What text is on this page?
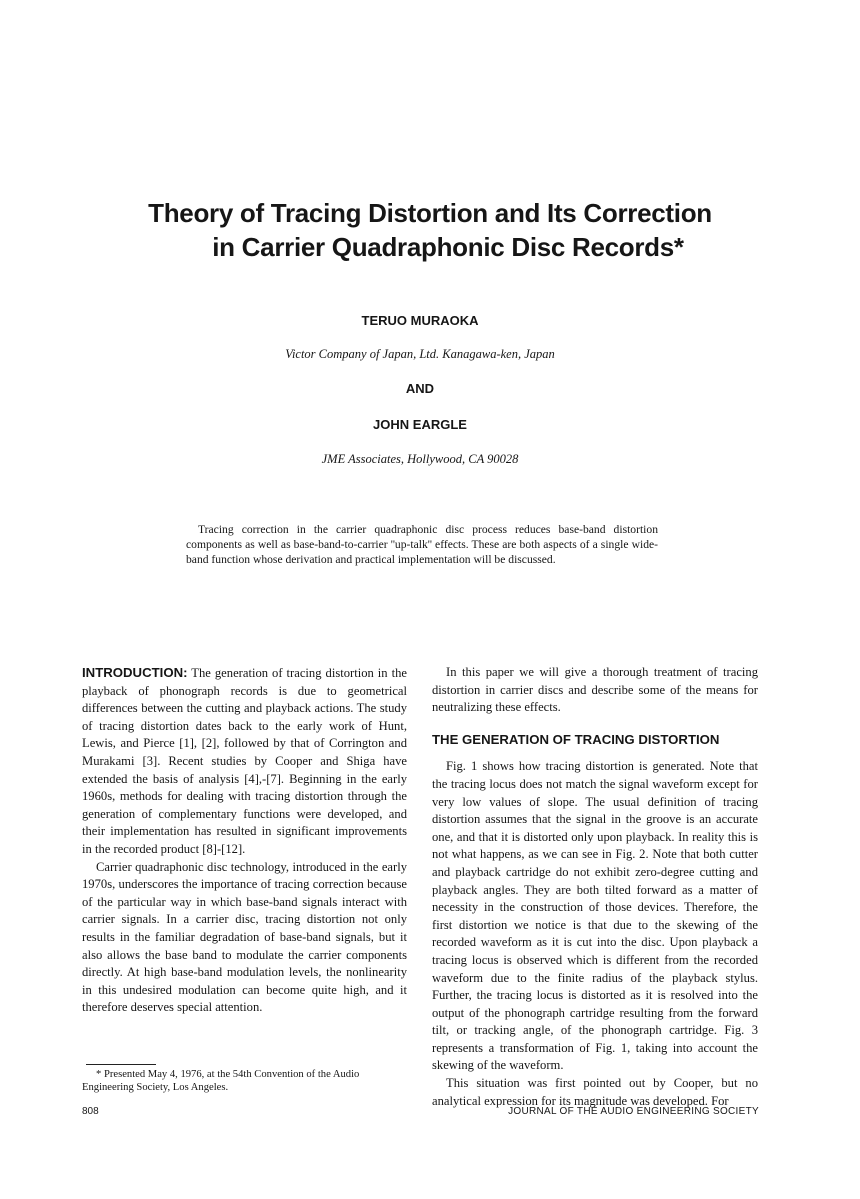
Theory of Tracing Distortion and Its Correction
in Carrier Quadraphonic Disc Records*
TERUO MURAOKA
Victor Company of Japan, Ltd. Kanagawa-ken, Japan
AND
JOHN EARGLE
JME Associates, Hollywood, CA 90028

Tracing correction in the carrier quadraphonic disc process reduces base-band distortion components as well as base-band-to-carrier ''up-talk'' effects. These are both aspects of a single wide-band function whose derivation and practical implementation will be discussed.

INTRODUCTION: The generation of tracing distortion in the playback of phonograph records is due to geometrical differences between the cutting and playback actions. The study of tracing distortion dates back to the early work of Hunt, Lewis, and Pierce [1], [2], followed by that of Corrington and Murakami [3]. Recent studies by Cooper and Shiga have extended the basis of analysis [4],-[7]. Beginning in the early 1960s, methods for dealing with tracing distortion through the generation of complementary functions were developed, and their implementation has resulted in significant improvements in the recorded product [8]-[12].

Carrier quadraphonic disc technology, introduced in the early 1970s, underscores the importance of tracing correction because of the particular way in which base-band signals interact with carrier signals. In a carrier disc, tracing distortion not only results in the familiar degradation of base-band signals, but it also allows the base band to modulate the carrier components directly. At high base-band modulation levels, the nonlinearity in this undesired modulation can become quite high, and it therefore deserves special attention.

In this paper we will give a thorough treatment of tracing distortion in carrier discs and describe some of the means for neutralizing these effects.

THE GENERATION OF TRACING DISTORTION

Fig. 1 shows how tracing distortion is generated. Note that the tracing locus does not match the signal waveform except for very low values of slope. The usual definition of tracing distortion assumes that the signal in the groove is an accurate one, and that it is distorted only upon playback. In reality this is not what happens, as we can see in Fig. 2. Note that both cutter and playback cartridge do not exhibit zero-degree cutting and playback angles. They are both tilted forward as a matter of necessity in the construction of those devices. Therefore, the first distortion we notice is that due to the skewing of the recorded waveform as it is cut into the disc. Upon playback a tracing locus is observed which is different from the recorded waveform due to the finite radius of the playback stylus. Further, the tracing locus is distorted as it is resolved into the output of the phonograph cartridge resulting from the forward tilt, or tracking angle, of the phonograph cartridge. Fig. 3 represents a transformation of Fig. 1, taking into account the skewing of the waveform.

This situation was first pointed out by Cooper, but no analytical expression for its magnitude was developed. For

* Presented May 4, 1976, at the 54th Convention of the Audio Engineering Society, Los Angeles.
808	JOURNAL OF THE AUDIO ENGINEERING SOCIETY
